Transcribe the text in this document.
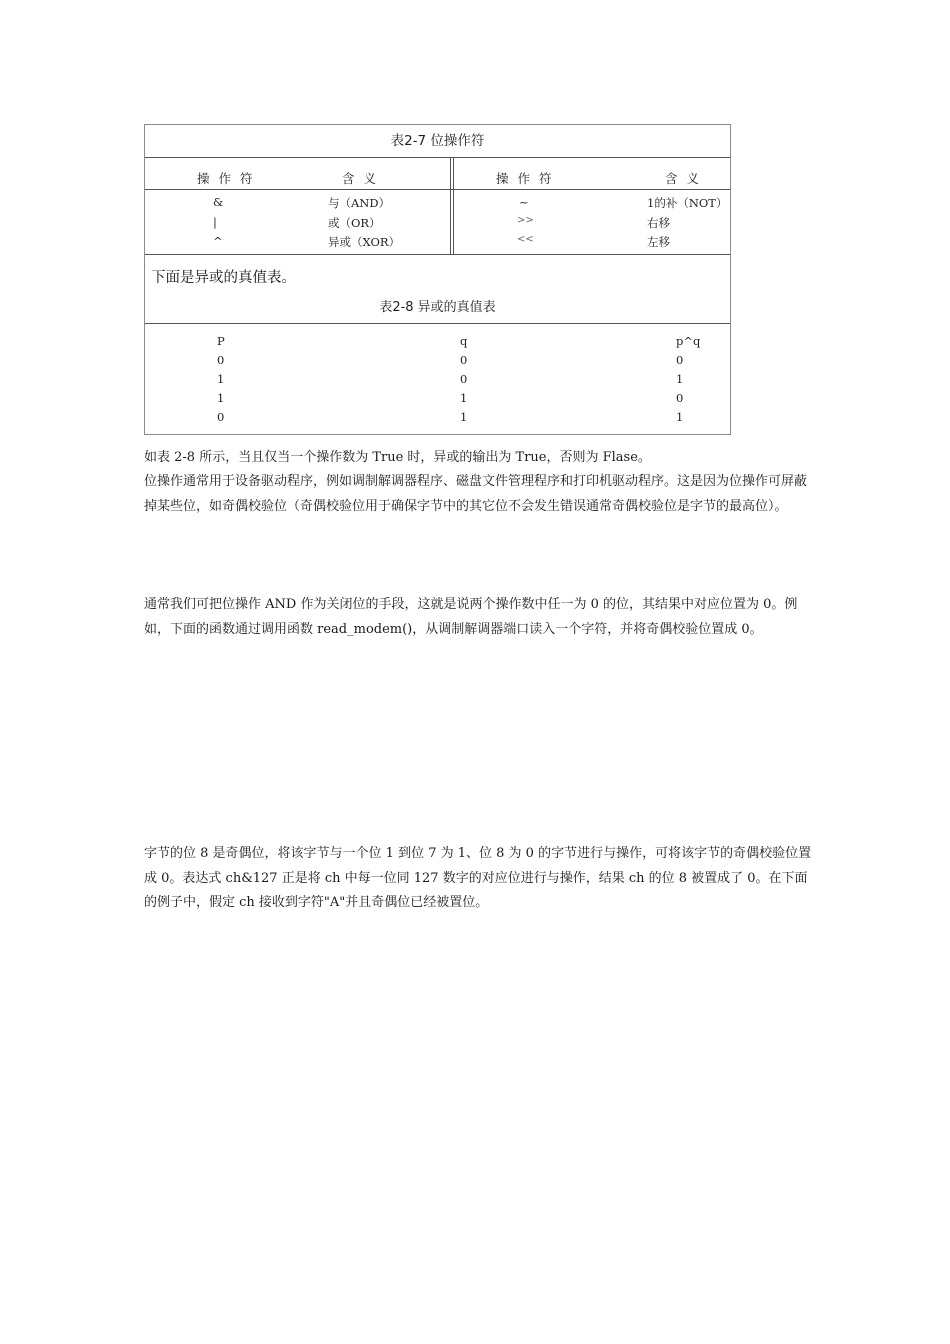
表2-7 位操作符
操作符	含义	操作符	含义
&	与（AND）	~	1的补（NOT）
|	或（OR）	>>	右移
^	异或（XOR）	<<	左移
下面是异或的真值表。
表2-8 异或的真值表
P	q	p^q
0	0	0
1	0	1
1	1	0
0	1	1

如表 2-8 所示，当且仅当一个操作数为 True 时，异或的输出为 True，否则为 Flase。

位操作通常用于设备驱动程序，例如调制解调器程序、磁盘文件管理程序和打印机驱动程序。这是因为位操作可屏蔽掉某些位，如奇偶校验位（奇偶校验位用于确保字节中的其它位不会发生错误通常奇偶校验位是字节的最高位）。

通常我们可把位操作 AND 作为关闭位的手段，这就是说两个操作数中任一为 0 的位，其结果中对应位置为 0。例如，下面的函数通过调用函数 read_modem()，从调制解调器端口读入一个字符，并将奇偶校验位置成 0。

字节的位 8 是奇偶位，将该字节与一个位 1 到位 7 为 1、位 8 为 0 的字节进行与操作，可将该字节的奇偶校验位置成 0。表达式 ch&127 正是将 ch 中每一位同 127 数字的对应位进行与操作，结果 ch 的位 8 被置成了 0。在下面的例子中，假定 ch 接收到字符"A"并且奇偶位已经被置位。
